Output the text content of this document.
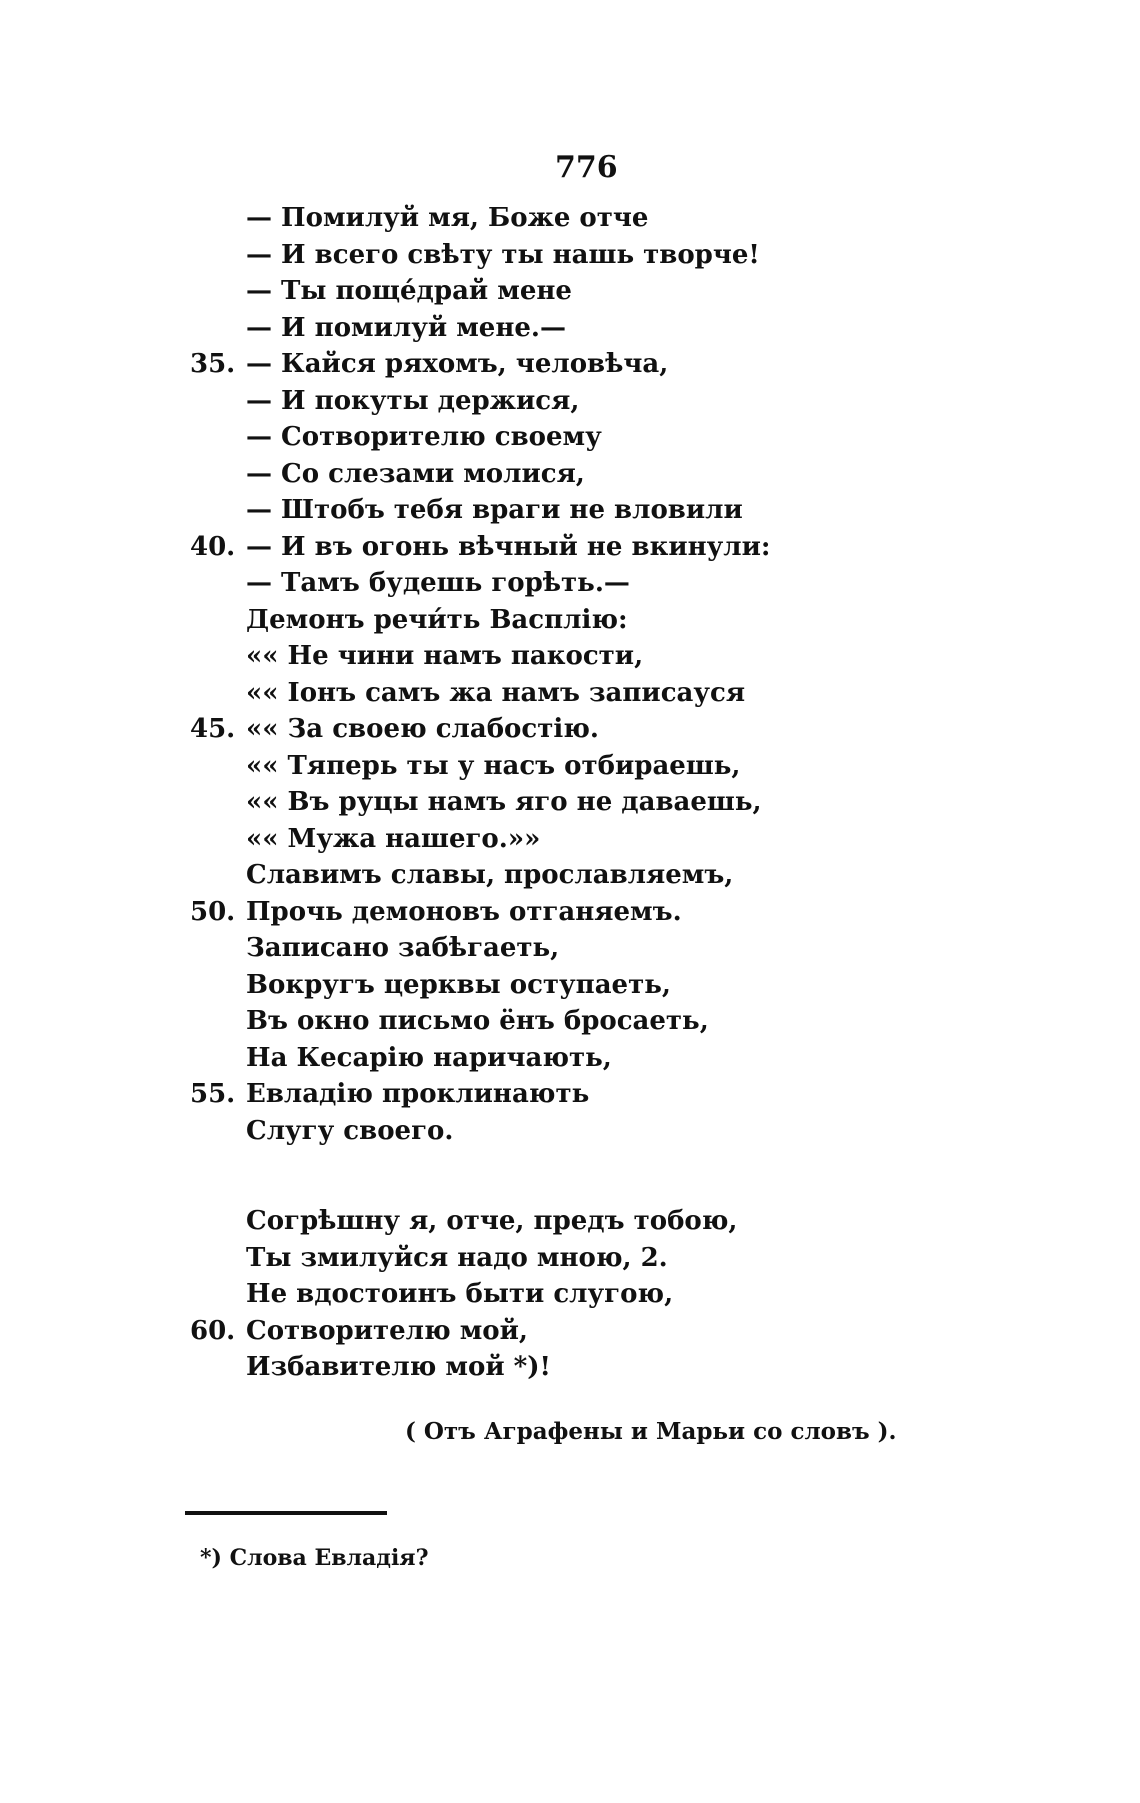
776
— Помилуй мя, Боже отче
— И всего свѣту ты нашь творче!
— Ты пощéдрай мене
— И помилуй мене.—
35. — Кайся ряхомъ, человѣча,
— И покуты держися,
— Сотворителю своему
— Со слезами молися,
— Штобъ тебя враги не вловили
40. — И въ огонь вѣчный не вкинули:
— Тамъ будешь горѣть.—
Демонъ речи́ть Васплію:
«« Не чини намъ пакости,
«« Іонъ самъ жа намъ записауся
45. «« За своею слабостію.
«« Тяперь ты у насъ отбираешь,
«« Въ руцы намъ яго не даваешь,
«« Мужа нашего.»»
Славимъ славы, прославляемъ,
50. Прочь демоновъ отганяемъ.
Записано забѣгаеть,
Вокругъ церквы оступаеть,
Въ окно письмо ёнъ бросаеть,
На Кесарію наричають,
55. Евладію проклинають
Слугу своего.
Согрѣшну я, отче, предъ тобою,
Ты змилуйся надо мною, 2.
Не вдостоинъ быти слугою,
60. Сотворителю мой,
Избавителю мой *)!
( Отъ Аграфены и Марьи со словъ ).
*) Слова Евладія?
